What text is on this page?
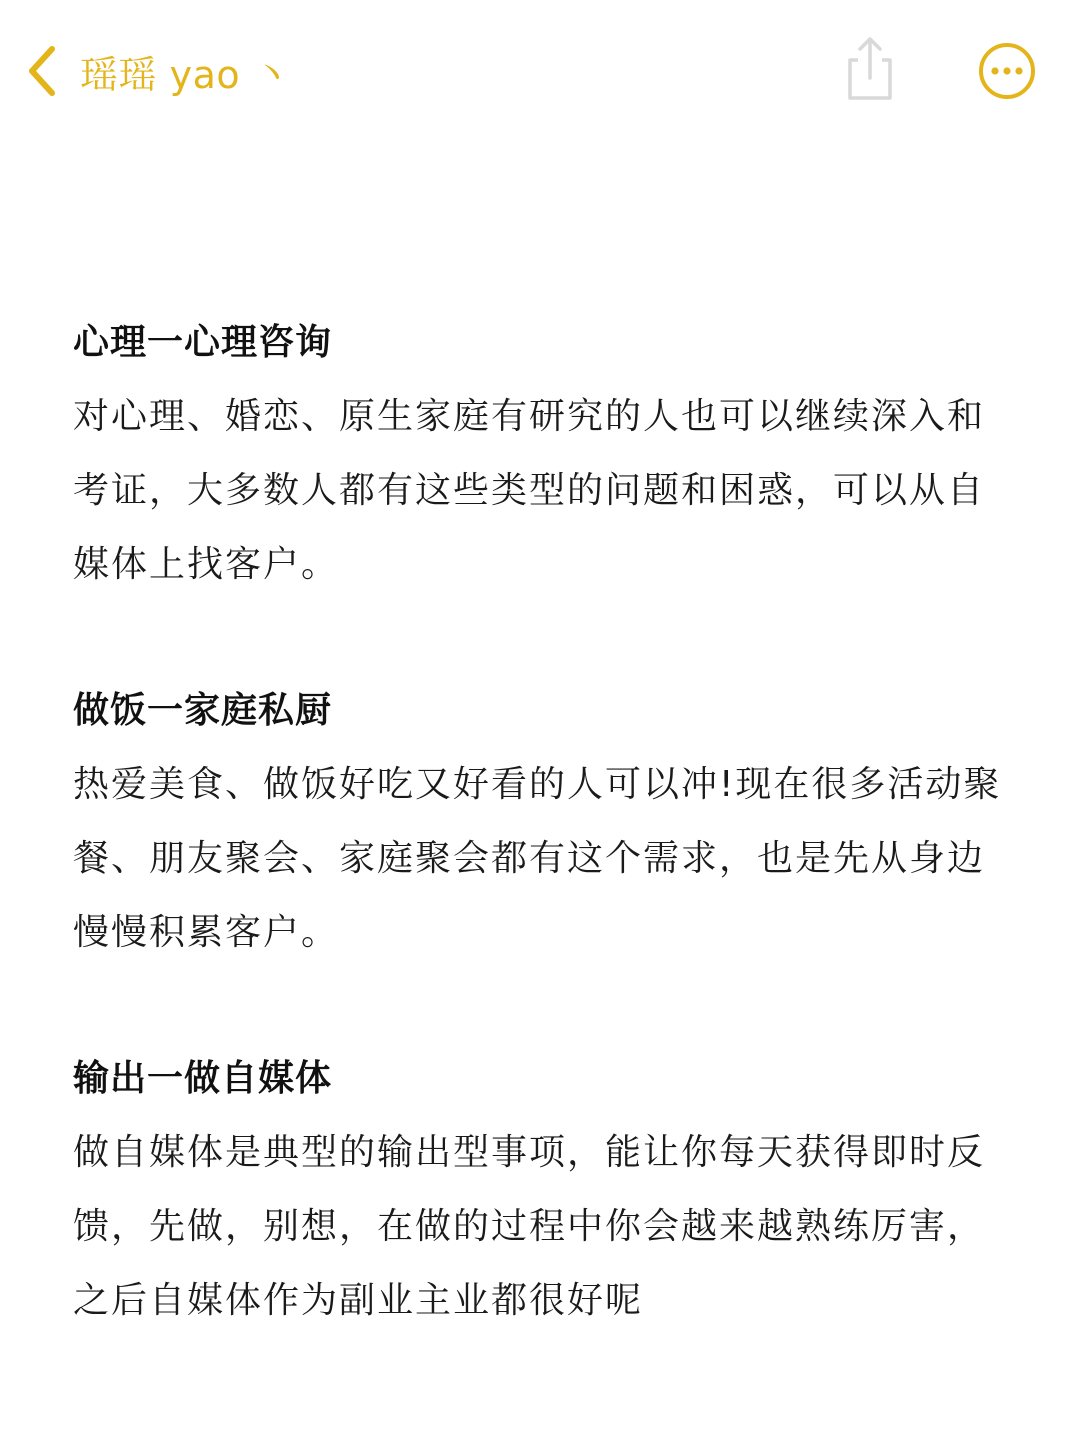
瑶瑶 yao 丶
心理一心理咨询
对心理、婚恋、原生家庭有研究的人也可以继续深入和考证，大多数人都有这些类型的问题和困惑，可以从自媒体上找客户。
做饭一家庭私厨
热爱美食、做饭好吃又好看的人可以冲!现在很多活动聚餐、朋友聚会、家庭聚会都有这个需求，也是先从身边慢慢积累客户。
输出一做自媒体
做自媒体是典型的输出型事项，能让你每天获得即时反馈，先做，别想，在做的过程中你会越来越熟练厉害，之后自媒体作为副业主业都很好呢
